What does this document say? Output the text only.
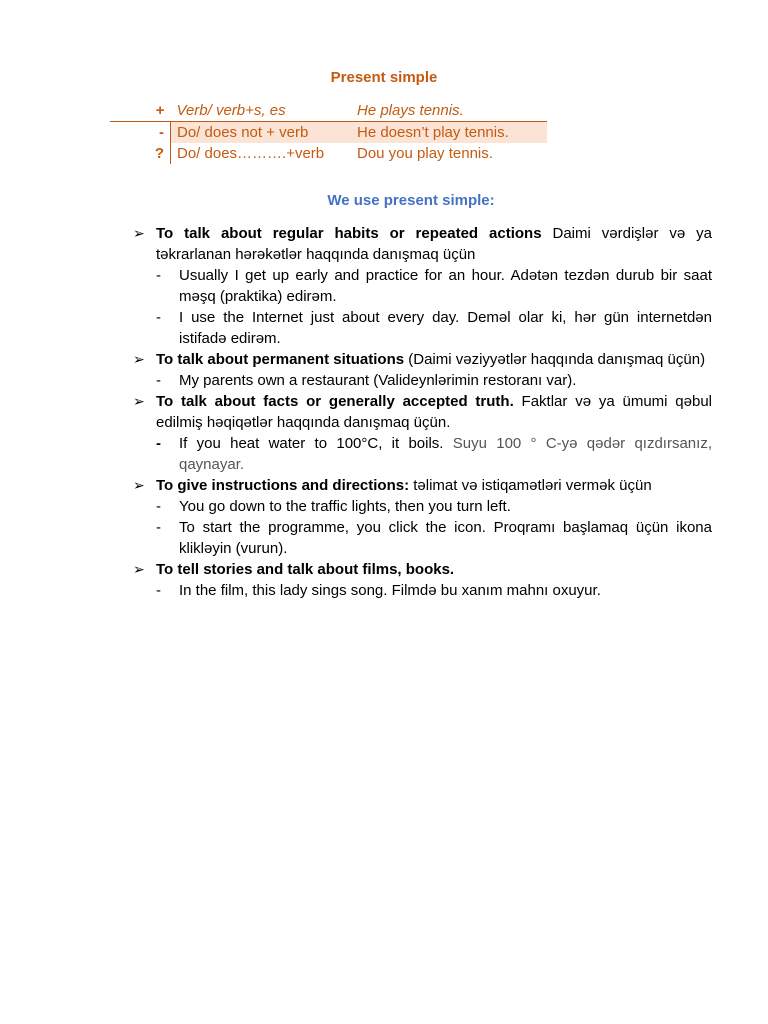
Present simple
+	Verb/ verb+s, es	He plays tennis.
-	Do/ does not + verb	He doesn’t play tennis.
?	Do/ does……….+verb	Dou you play tennis.
We use present simple:
➢ To talk about regular habits or repeated actions Daimi vərdişlər və ya təkrarlanan hərəkətlər haqqında danışmaq üçün
- Usually I get up early and practice for an hour. Adətən tezdən durub bir saat məşq (praktika) edirəm.
- I use the Internet just about every day. Deməl olar ki, hər gün internetdən istifadə edirəm.
➢ To talk about permanent situations (Daimi vəziyyətlər haqqında danışmaq üçün)
- My parents own a restaurant (Valideynlərimin restoranı var).
➢ To talk about facts or generally accepted truth. Faktlar və ya ümumi qəbul edilmiş həqiqətlər haqqında danışmaq üçün.
- If you heat water to 100°C, it boils. Suyu 100 ° C-yə qədər qızdırsanız, qaynayar.
➢ To give instructions and directions: təlimat və istiqamətləri vermək üçün
- You go down to the traffic lights, then you turn left.
- To start the programme, you click the icon. Proqramı başlamaq üçün ikona klikləyin (vurun).
➢ To tell stories and talk about films, books.
- In the film, this lady sings song. Filmdə bu xanım mahnı oxuyur.
